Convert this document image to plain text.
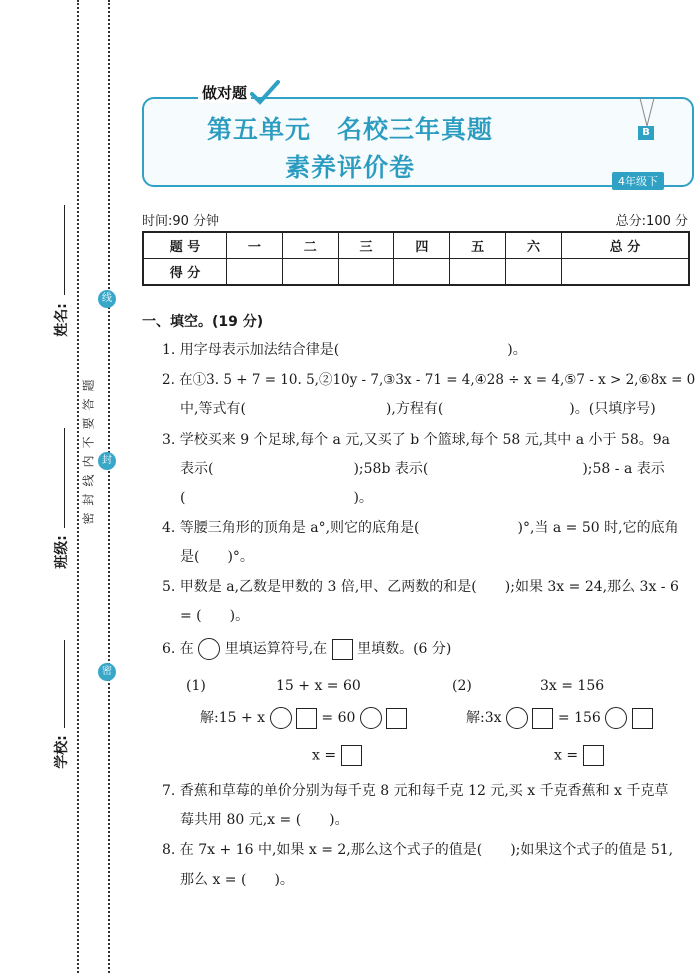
姓名:
班级:
学校:
题
答
要
不
内
线
封
密
线
封
密
做对题
第五单元　名校三年真题
素养评价卷
B
4年级下
时间:90 分钟	总分:100 分
题 号	一	二	三	四	五	六	总 分
得 分							
一、填空。(19 分)
1. 用字母表示加法结合律是(　　　　　　　　　　　　)。
2. 在①3. 5 + 7 = 10. 5,②10y - 7,③3x - 71 = 4,④28 ÷ x = 4,⑤7 - x > 2,⑥8x = 0
中,等式有(　　　　　　　　　　),方程有(　　　　　　　　　)。(只填序号)
3. 学校买来 9 个足球,每个 a 元,又买了 b 个篮球,每个 58 元,其中 a 小于 58。9a
表示(　　　　　　　　　　);58b 表示(　　　　　　　　　　　);58 - a 表示
(　　　　　　　　　　　　)。
4. 等腰三角形的顶角是 a°,则它的底角是(　　　　　　　)°,当 a = 50 时,它的底角
是(　　)°。
5. 甲数是 a,乙数是甲数的 3 倍,甲、乙两数的和是(　　);如果 3x = 24,那么 3x - 6
= (　　)。
6. 在 里填运算符号,在 里填数。(6 分)
(1)	15 + x = 60	(2)	3x = 156
解:15 + x	= 60	解:3x	= 156
x =	x =
7. 香蕉和草莓的单价分别为每千克 8 元和每千克 12 元,买 x 千克香蕉和 x 千克草
莓共用 80 元,x = (　　)。
8. 在 7x + 16 中,如果 x = 2,那么这个式子的值是(　　);如果这个式子的值是 51,
那么 x = (　　)。
